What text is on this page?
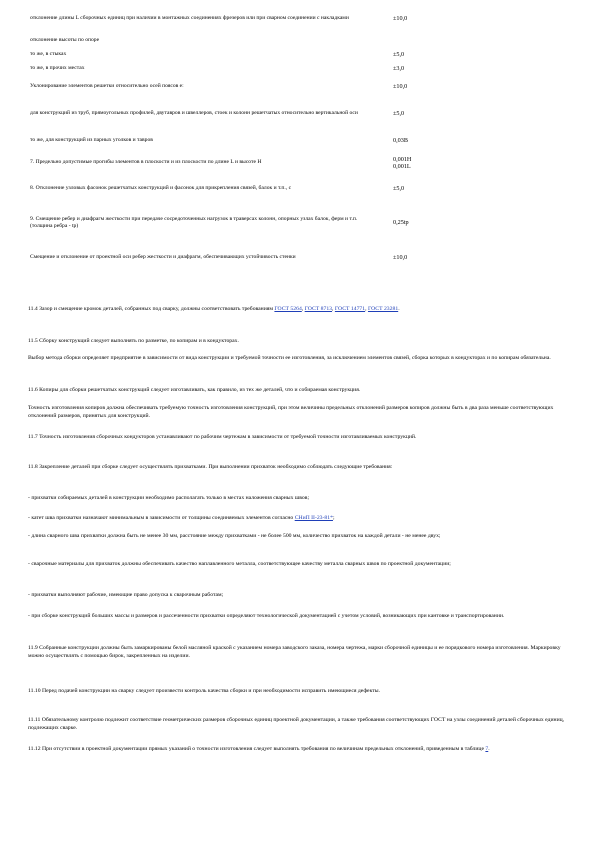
отклонение длины L сборочных единиц при наличии в монтажных соединениях фрезеров или при сварном соединении с накладками	±10,0
отклонение высоты по опоре
то же, в стыках	±5,0
то же, в прочих местах	±3,0
Уклонирование элементов решетки относительно осей поясов е:	±10,0
для конструкций из труб, прямоугольных профилей, двутавров и швеллеров, стоек и колонн решетчатых относительно вертикальной оси	±5,0
то же, для конструкций из парных уголков и тавров	0,03B
7. Предельно допустимые прогибы элементов в плоскости и из плоскости по длине L и высоте H	0,001H
0,001L
8. Отклонение узловых фасонок решетчатых конструкций и фасонок для прикрепления связей, балок и т.п., c	±5,0
9. Смещение ребер и диафрагм жесткости при передаче сосредоточенных нагрузок в траверсах колонн, опорных узлах балок, ферм и т.п. (толщина ребра - tр)	0,25tр
Смещение и отклонение от проектной оси ребер жесткости и диафрагм, обеспечивающих устойчивость стенки	±10,0
11.4 Зазор и смещение кромок деталей, собранных под сварку, должны соответствовать требованиям ГОСТ 5264, ГОСТ 8713, ГОСТ 14771, ГОСТ 23281.
11.5 Сборку конструкций следует выполнять по разметке, по копирам и в кондукторах.
Выбор метода сборки определяет предприятие в зависимости от вида конструкции и требуемой точности ее изготовления, за исключением элементов связей, сборка которых в кондукторах и по копирам обязательна.
11.6 Копиры для сборки решетчатых конструкций следует изготавливать, как правило, из тех же деталей, что и собираемая конструкция.
Точность изготовления копиров должна обеспечивать требуемую точность изготовления конструкций, при этом величины предельных отклонений размеров копиров должны быть в два раза меньше соответствующих отклонений размеров, принятых для конструкций.
11.7 Точность изготовления сборочных кондукторов устанавливают по рабочим чертежам в зависимости от требуемой точности изготавливаемых конструкций.
11.8 Закрепление деталей при сборке следует осуществлять прихватками. При выполнении прихваток необходимо соблюдать следующие требования:
- прихватки собираемых деталей в конструкции необходимо располагать только в местах наложения сварных швов;
- катет шва прихватки назначают минимальным в зависимости от толщины соединяемых элементов согласно СНиП II-23-81*;
- длина сварного шва прихватки должна быть не менее 30 мм, расстояние между прихватками - не более 500 мм, количество прихваток на каждой детали - не менее двух;
- сварочные материалы для прихваток должны обеспечивать качество наплавленного металла, соответствующее качеству металла сварных швов по проектной документации;
- прихватки выполняют рабочие, имеющие право допуска к сварочным работам;
- при сборке конструкций больших массы и размеров и рассеченности прихватки определяют технологической документацией с учетом условий, возникающих при кантовке и транспортировании.
11.9 Собранные конструкции должны быть замаркированы белой масляной краской с указанием номера заводского заказа, номера чертежа, марки сборочной единицы и ее порядкового номера изготовления. Маркировку можно осуществлять с помощью бирок, закрепленных на изделии.
11.10 Перед подачей конструкции на сварку следует произвести контроль качества сборки и при необходимости исправить имеющиеся дефекты.
11.11 Обязательному контролю подлежит соответствие геометрических размеров сборочных единиц проектной документации, а также требования соответствующих ГОСТ на узлы соединений деталей сборочных единиц, подлежащих сварке.
11.12 При отсутствии в проектной документации прямых указаний о точности изготовления следует выполнять требования по величинам предельных отклонений, приведенным в таблице 7.
